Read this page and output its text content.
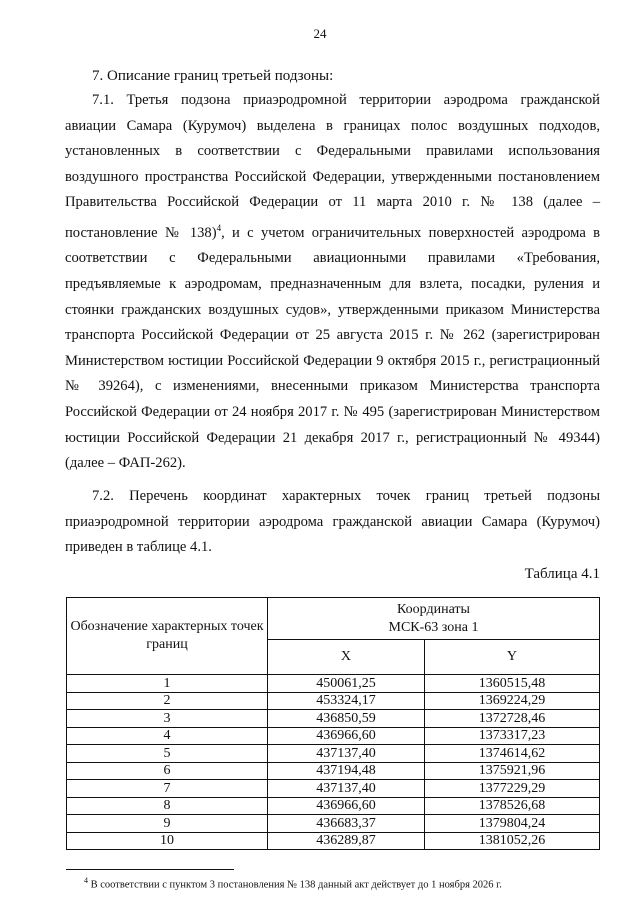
24
7. Описание границ третьей подзоны:
7.1. Третья подзона приаэродромной территории аэродрома гражданской авиации Самара (Курумоч) выделена в границах полос воздушных подходов, установленных в соответствии с Федеральными правилами использования воздушного пространства Российской Федерации, утвержденными постановлением Правительства Российской Федерации от 11 марта 2010 г. № 138 (далее – постановление № 138)$^4$, и с учетом ограничительных поверхностей аэродрома в соответствии с Федеральными авиационными правилами «Требования, предъявляемые к аэродромам, предназначенным для взлета, посадки, руления и стоянки гражданских воздушных судов», утвержденными приказом Министерства транспорта Российской Федерации от 25 августа 2015 г. № 262 (зарегистрирован Министерством юстиции Российской Федерации 9 октября 2015 г., регистрационный № 39264), с изменениями, внесенными приказом Министерства транспорта Российской Федерации от 24 ноября 2017 г. № 495 (зарегистрирован Министерством юстиции Российской Федерации 21 декабря 2017 г., регистрационный № 49344) (далее – ФАП-262).
7.2. Перечень координат характерных точек границ третьей подзоны приаэродромной территории аэродрома гражданской авиации Самара (Курумоч) приведен в таблице 4.1.
Таблица 4.1
Обозначение характерных точек границ	Координаты
МСК-63 зона 1	

	X	Y
1	450061,25	1360515,48
2	453324,17	1369224,29
3	436850,59	1372728,46
4	436966,60	1373317,23
5	437137,40	1374614,62
6	437194,48	1375921,96
7	437137,40	1377229,29
8	436966,60	1378526,68
9	436683,37	1379804,24
10	436289,87	1381052,26
$^4$ В соответствии с пунктом 3 постановления № 138 данный акт действует до 1 ноября 2026 г.
